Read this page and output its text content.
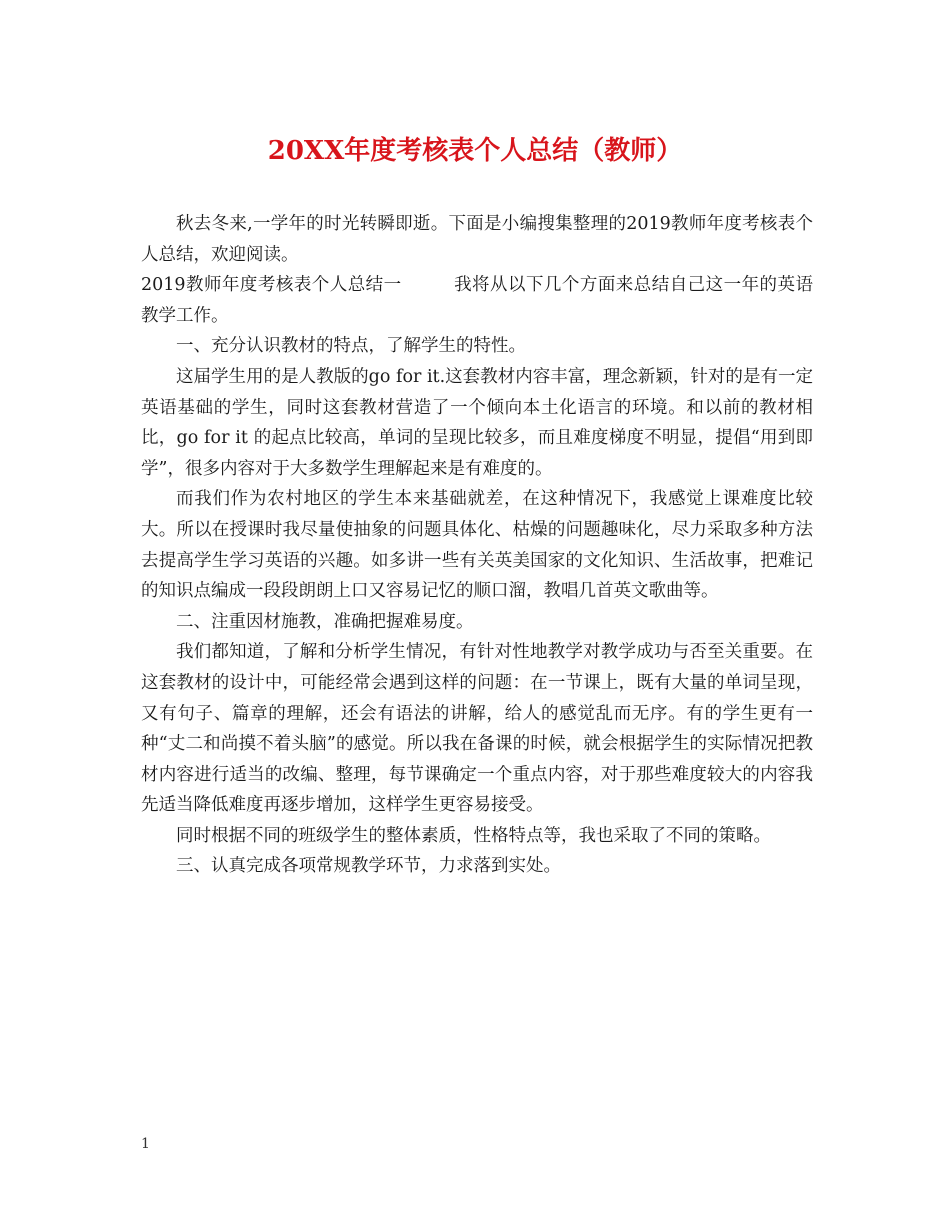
20XX年度考核表个人总结（教师）

秋去冬来,一学年的时光转瞬即逝。下面是小编搜集整理的2019教师年度考核表个人总结，欢迎阅读。

2019教师年度考核表个人总结一	我将从以下几个方面来总结自己这一年的英语教学工作。

一、充分认识教材的特点，了解学生的特性。

这届学生用的是人教版的go for it.这套教材内容丰富，理念新颖，针对的是有一定英语基础的学生，同时这套教材营造了一个倾向本土化语言的环境。和以前的教材相比，go for it 的起点比较高，单词的呈现比较多，而且难度梯度不明显，提倡“用到即学”，很多内容对于大多数学生理解起来是有难度的。

而我们作为农村地区的学生本来基础就差，在这种情况下，我感觉上课难度比较大。所以在授课时我尽量使抽象的问题具体化、枯燥的问题趣味化，尽力采取多种方法去提高学生学习英语的兴趣。如多讲一些有关英美国家的文化知识、生活故事，把难记的知识点编成一段段朗朗上口又容易记忆的顺口溜，教唱几首英文歌曲等。

二、注重因材施教，准确把握难易度。

我们都知道，了解和分析学生情况，有针对性地教学对教学成功与否至关重要。在这套教材的设计中，可能经常会遇到这样的问题：在一节课上，既有大量的单词呈现，又有句子、篇章的理解，还会有语法的讲解，给人的感觉乱而无序。有的学生更有一种“丈二和尚摸不着头脑”的感觉。所以我在备课的时候，就会根据学生的实际情况把教材内容进行适当的改编、整理，每节课确定一个重点内容，对于那些难度较大的内容我先适当降低难度再逐步增加，这样学生更容易接受。

同时根据不同的班级学生的整体素质，性格特点等，我也采取了不同的策略。

三、认真完成各项常规教学环节，力求落到实处。

1
